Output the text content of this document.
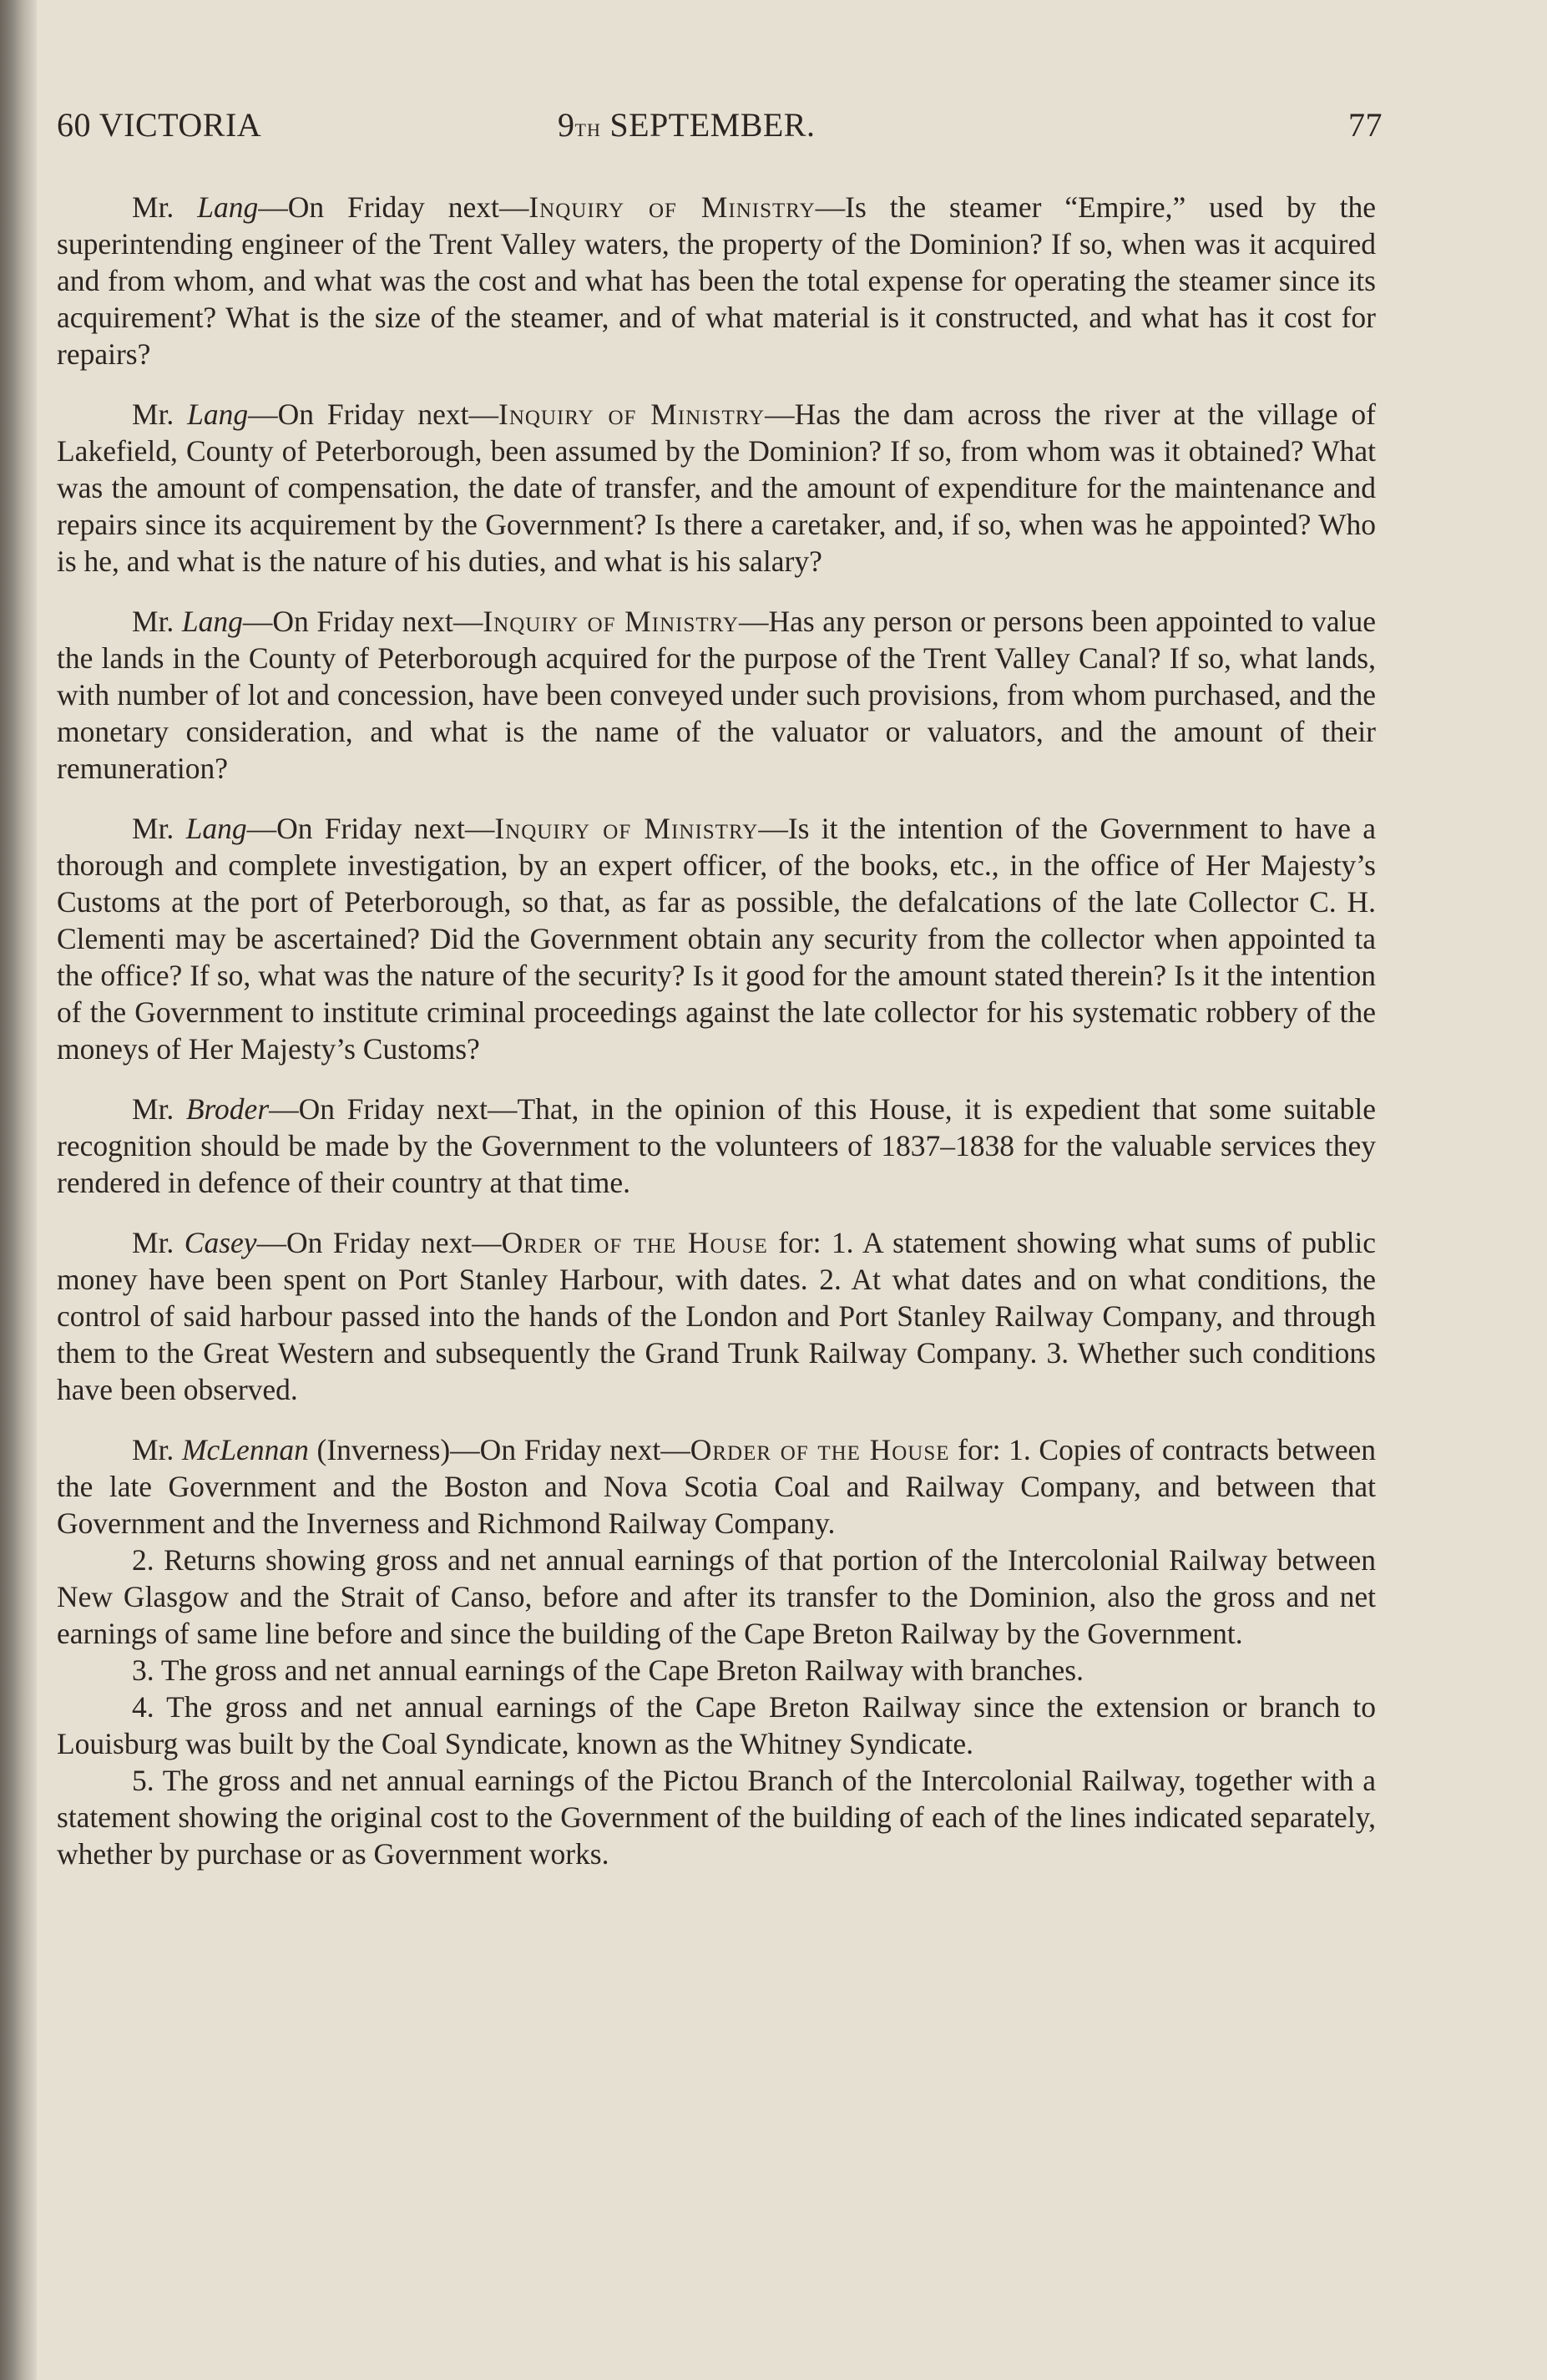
60 VICTORIA	9th SEPTEMBER.	77

Mr. Lang—On Friday next—Inquiry of Ministry—Is the steamer “Empire,” used by the superintending engineer of the Trent Valley waters, the property of the Dominion? If so, when was it acquired and from whom, and what was the cost and what has been the total expense for operating the steamer since its acquirement? What is the size of the steamer, and of what material is it constructed, and what has it cost for repairs?

Mr. Lang—On Friday next—Inquiry of Ministry—Has the dam across the river at the village of Lakefield, County of Peterborough, been assumed by the Dominion? If so, from whom was it obtained? What was the amount of compensation, the date of transfer, and the amount of expenditure for the maintenance and repairs since its acquirement by the Government? Is there a caretaker, and, if so, when was he appointed? Who is he, and what is the nature of his duties, and what is his salary?

Mr. Lang—On Friday next—Inquiry of Ministry—Has any person or persons been appointed to value the lands in the County of Peterborough acquired for the purpose of the Trent Valley Canal? If so, what lands, with number of lot and concession, have been conveyed under such provisions, from whom purchased, and the monetary consideration, and what is the name of the valuator or valuators, and the amount of their remuneration?

Mr. Lang—On Friday next—Inquiry of Ministry—Is it the intention of the Government to have a thorough and complete investigation, by an expert officer, of the books, etc., in the office of Her Majesty’s Customs at the port of Peterborough, so that, as far as possible, the defalcations of the late Collector C. H. Clementi may be ascertained? Did the Government obtain any security from the collector when appointed ta the office? If so, what was the nature of the security? Is it good for the amount stated therein? Is it the intention of the Government to institute criminal proceedings against the late collector for his systematic robbery of the moneys of Her Majesty’s Customs?

Mr. Broder—On Friday next—That, in the opinion of this House, it is expedient that some suitable recognition should be made by the Government to the volunteers of 1837–1838 for the valuable services they rendered in defence of their country at that time.

Mr. Casey—On Friday next—Order of the House for: 1. A statement showing what sums of public money have been spent on Port Stanley Harbour, with dates. 2. At what dates and on what conditions, the control of said harbour passed into the hands of the London and Port Stanley Railway Company, and through them to the Great Western and subsequently the Grand Trunk Railway Company. 3. Whether such conditions have been observed.

Mr. McLennan (Inverness)—On Friday next—Order of the House for: 1. Copies of contracts between the late Government and the Boston and Nova Scotia Coal and Railway Company, and between that Government and the Inverness and Richmond Railway Company.

2. Returns showing gross and net annual earnings of that portion of the Intercolonial Railway between New Glasgow and the Strait of Canso, before and after its transfer to the Dominion, also the gross and net earnings of same line before and since the building of the Cape Breton Railway by the Government.

3. The gross and net annual earnings of the Cape Breton Railway with branches.

4. The gross and net annual earnings of the Cape Breton Railway since the extension or branch to Louisburg was built by the Coal Syndicate, known as the Whitney Syndicate.

5. The gross and net annual earnings of the Pictou Branch of the Intercolonial Railway, together with a statement showing the original cost to the Government of the building of each of the lines indicated separately, whether by purchase or as Government works.
